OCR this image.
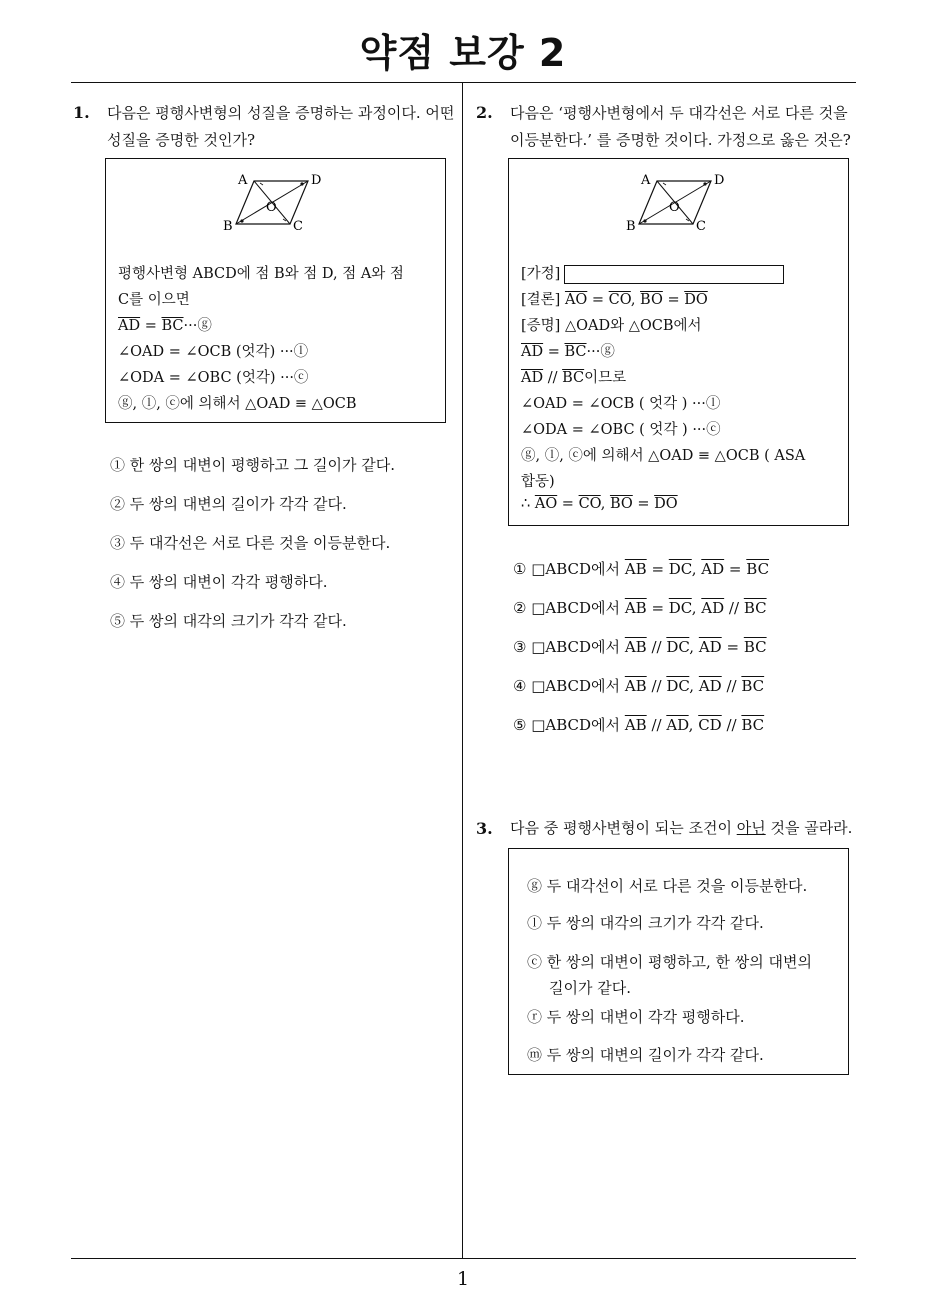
약점 보강 2
1
1. 다음은 평행사변형의 성질을 증명하는 과정이다. 어떤
성질을 증명한 것인가?
A	D
B	C
O
평행사변형 ABCD에 점 B와 점 D, 점 A와 점
C를 이으면
$\overline{AD}$ = $\overline{BC}\cdot\cdot\cdotⓖ$
∠OAD = ∠OCB (엇각) ···ⓛ
∠ODA = ∠OBC (엇각) ···ⓒ
ⓖ, ⓛ, ⓒ에 의해서 △OAD ≡ △OCB
① 한 쌍의 대변이 평행하고 그 길이가 같다.
② 두 쌍의 대변의 길이가 각각 같다.
③ 두 대각선은 서로 다른 것을 이등분한다.
④ 두 쌍의 대변이 각각 평행하다.
⑤ 두 쌍의 대각의 크기가 각각 같다.
2. 다음은 ‘평행사변형에서 두 대각선은 서로 다른 것을
이등분한다.’ 를 증명한 것이다. 가정으로 옳은 것은?
A	D
B	C
O
[가정]
[결론] $\overline{AO} = \overline{CO}$, $\overline{BO} = \overline{DO}$
[증명] △OAD와 △OCB에서
$\overline{AD}$ = $\overline{BC}\cdot\cdot\cdotⓖ$
$\overline{AD} // \overline{BC}$이므로
∠OAD = ∠OCB ( 엇각 ) ···ⓛ
∠ODA = ∠OBC ( 엇각 ) ···ⓒ
ⓖ, ⓛ, ⓒ에 의해서 △OAD ≡ △OCB ( ASA
합동)
∴ $\overline{AO} = \overline{CO}$, $\overline{BO} = \overline{DO}$
① □ABCD에서 $\overline{AB} = \overline{DC}$, $\overline{AD} = \overline{BC}$
② □ABCD에서 $\overline{AB} = \overline{DC}$, $\overline{AD} // \overline{BC}$
③ □ABCD에서 $\overline{AB} // \overline{DC}$, $\overline{AD} = \overline{BC}$
④ □ABCD에서 $\overline{AB} // \overline{DC}$, $\overline{AD} // \overline{BC}$
⑤ □ABCD에서 $\overline{AB} // \overline{AD}$, $\overline{CD} // \overline{BC}$
3. 다음 중 평행사변형이 되는 조건이 아닌 것을 골라라.
ⓖ 두 대각선이 서로 다른 것을 이등분한다.
ⓛ 두 쌍의 대각의 크기가 각각 같다.
ⓒ 한 쌍의 대변이 평행하고, 한 쌍의 대변의
길이가 같다.
ⓡ 두 쌍의 대변이 각각 평행하다.
ⓜ 두 쌍의 대변의 길이가 각각 같다.
